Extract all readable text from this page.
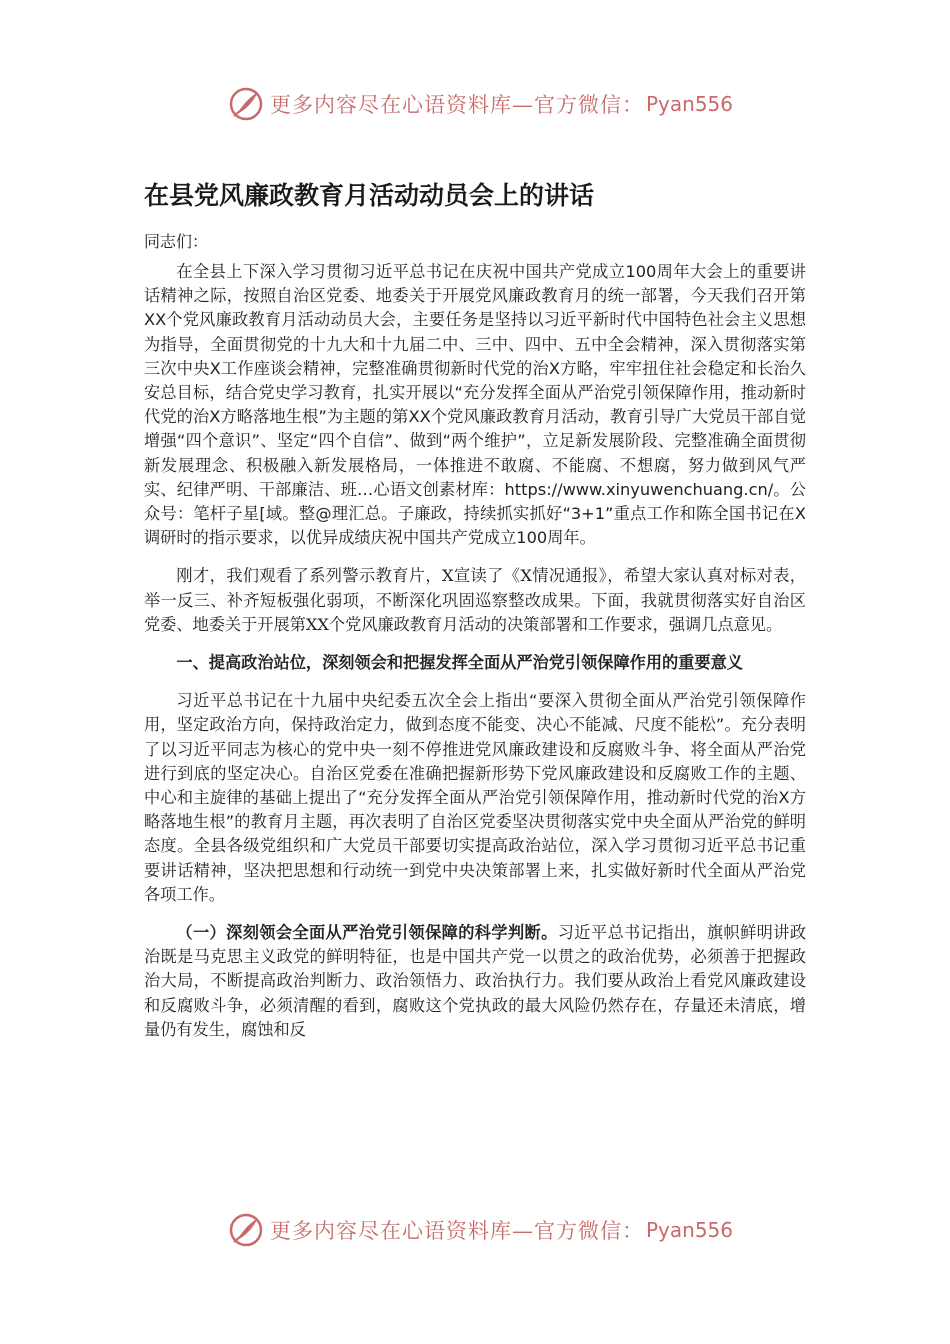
更多内容尽在心语资料库—官方微信： Pyan556
在县党风廉政教育月活动动员会上的讲话
同志们：

在全县上下深入学习贯彻习近平总书记在庆祝中国共产党成立100周年大会上的重要讲话精神之际，按照自治区党委、地委关于开展党风廉政教育月的统一部署，今天我们召开第XX个党风廉政教育月活动动员大会，主要任务是坚持以习近平新时代中国特色社会主义思想为指导，全面贯彻党的十九大和十九届二中、三中、四中、五中全会精神，深入贯彻落实第三次中央X工作座谈会精神，完整准确贯彻新时代党的治X方略，牢牢扭住社会稳定和长治久安总目标，结合党史学习教育，扎实开展以“充分发挥全面从严治党引领保障作用，推动新时代党的治X方略落地生根”为主题的第XX个党风廉政教育月活动，教育引导广大党员干部自觉增强“四个意识”、坚定“四个自信”、做到“两个维护”，立足新发展阶段、完整准确全面贯彻新发展理念、积极融入新发展格局，一体推进不敢腐、不能腐、不想腐，努力做到风气严实、纪律严明、干部廉洁、班…心语文创素材库：https://www.xinyuwenchuang.cn/。公众号：笔杆子星[域。整@理汇总。子廉政，持续抓实抓好“3+1”重点工作和陈全国书记在X调研时的指示要求，以优异成绩庆祝中国共产党成立100周年。

刚才，我们观看了系列警示教育片，X宣读了《X情况通报》，希望大家认真对标对表，举一反三、补齐短板强化弱项，不断深化巩固巡察整改成果。下面，我就贯彻落实好自治区党委、地委关于开展第XX个党风廉政教育月活动的决策部署和工作要求，强调几点意见。

一、提高政治站位，深刻领会和把握发挥全面从严治党引领保障作用的重要意义

习近平总书记在十九届中央纪委五次全会上指出“要深入贯彻全面从严治党引领保障作用，坚定政治方向，保持政治定力，做到态度不能变、决心不能减、尺度不能松”。充分表明了以习近平同志为核心的党中央一刻不停推进党风廉政建设和反腐败斗争、将全面从严治党进行到底的坚定决心。自治区党委在准确把握新形势下党风廉政建设和反腐败工作的主题、中心和主旋律的基础上提出了“充分发挥全面从严治党引领保障作用，推动新时代党的治X方略落地生根”的教育月主题，再次表明了自治区党委坚决贯彻落实党中央全面从严治党的鲜明态度。全县各级党组织和广大党员干部要切实提高政治站位，深入学习贯彻习近平总书记重要讲话精神，坚决把思想和行动统一到党中央决策部署上来，扎实做好新时代全面从严治党各项工作。

（一）深刻领会全面从严治党引领保障的科学判断。习近平总书记指出，旗帜鲜明讲政治既是马克思主义政党的鲜明特征，也是中国共产党一以贯之的政治优势，必须善于把握政治大局，不断提高政治判断力、政治领悟力、政治执行力。我们要从政治上看党风廉政建设和反腐败斗争，必须清醒的看到，腐败这个党执政的最大风险仍然存在，存量还未清底，增量仍有发生，腐蚀和反

更多内容尽在心语资料库—官方微信： Pyan556
